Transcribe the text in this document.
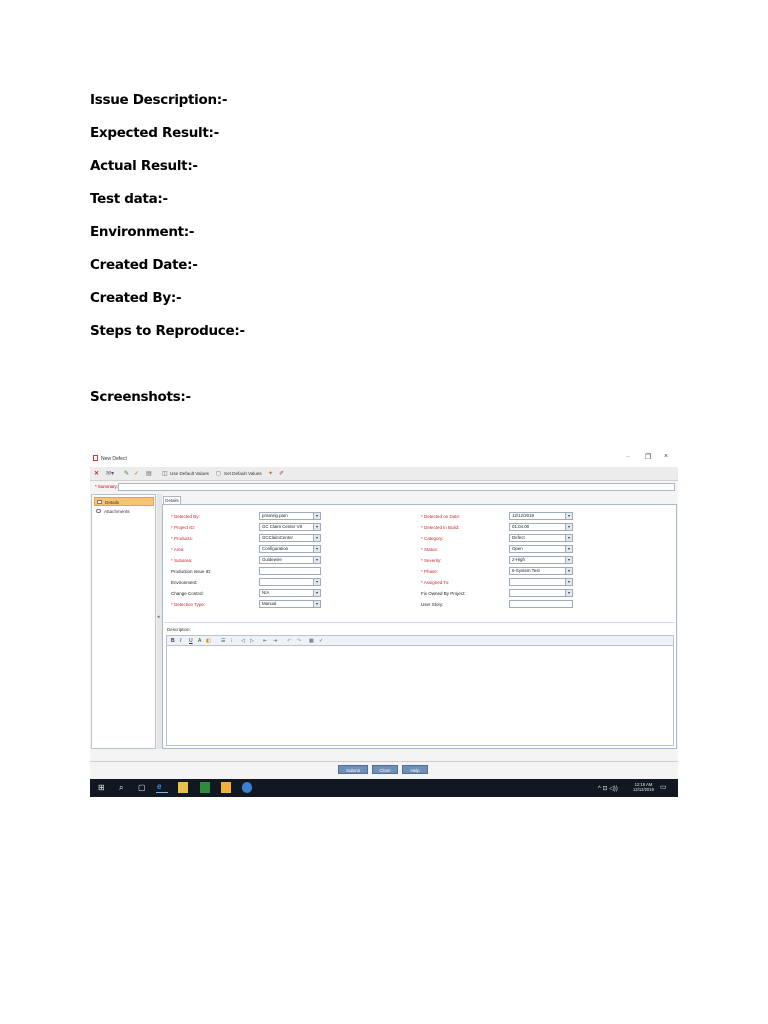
Issue Description:-
Expected Result:-
Actual Result:-
Test data:-
Environment:-
Created Date:-
Created By:-
Steps to Reproduce:-
Screenshots:-
New Defect	– ❐ ×
✕ ✉▾ ✎ ✓ ▤ ◫ Use Default Values ◻ Set Default Values ✦ ✐
* Summary:
Details
Attachments
◂
Details
* Detected By:	pmarelg.pam	▾
* Project ID:	GC Claim Center V8	▾
* Products:	GCClaimCenter	▾
* Area:	Configuration	▾
* Subarea:	Guidewire	▾
Production Issue ID:
Environment:	▾
Change Control:	N/A	▾
* Detection Type:	Manual	▾
* Detected on Date:	12/12/2019	▾
* Detected in Build:	01.04.00	▾
* Category:	Defect	▾
* Status:	Open	▾
* Severity:	2-High	▾
* Phase:	6-System Test	▾
* Assigned To:	▾
Fix Owned By Project:	▾
User Story:
Description:
B I U A ◧ ☰ ⁝ ◁ ▷ ⇤ ⇥ ↶ ↷ ▦ ✓
Submit	Close	Help
⊞ ⌕ ▢ e	^ ⊡ ◁))
12:18 AM
12/12/2019 ▭
